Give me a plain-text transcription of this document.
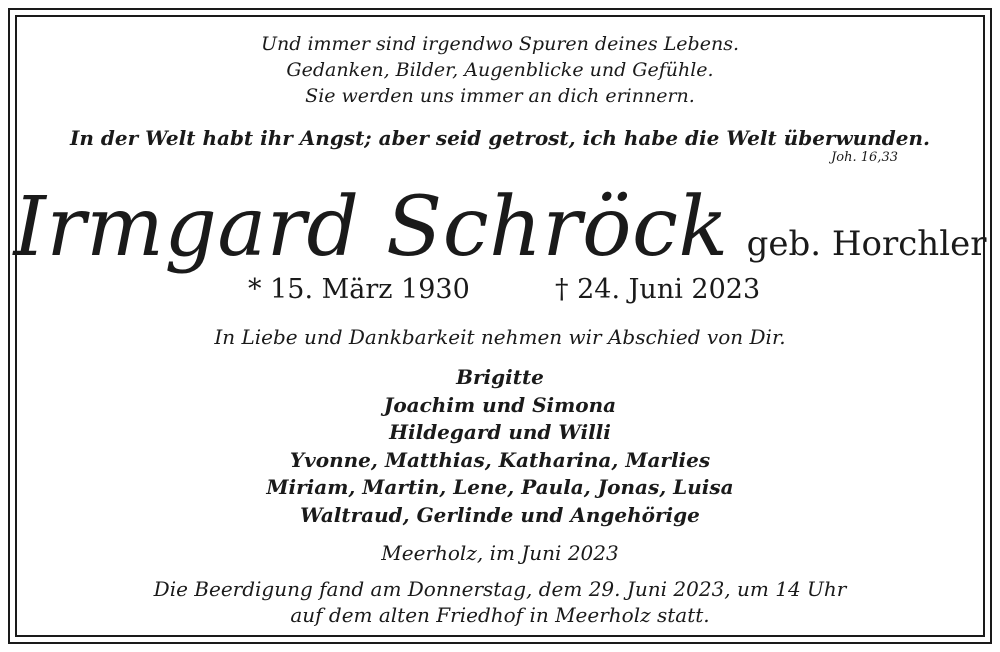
Und immer sind irgendwo Spuren deines Lebens.
Gedanken, Bilder, Augenblicke und Gefühle.
Sie werden uns immer an dich erinnern.
In der Welt habt ihr Angst; aber seid getrost, ich habe die Welt überwunden.
Joh. 16,33
Irmgard Schröck geb. Horchler
* 15. März 1930	† 24. Juni 2023
In Liebe und Dankbarkeit nehmen wir Abschied von Dir.
Brigitte
Joachim und Simona
Hildegard und Willi
Yvonne, Matthias, Katharina, Marlies
Miriam, Martin, Lene, Paula, Jonas, Luisa
Waltraud, Gerlinde und Angehörige
Meerholz, im Juni 2023
Die Beerdigung fand am Donnerstag, dem 29. Juni 2023, um 14 Uhr
auf dem alten Friedhof in Meerholz statt.
